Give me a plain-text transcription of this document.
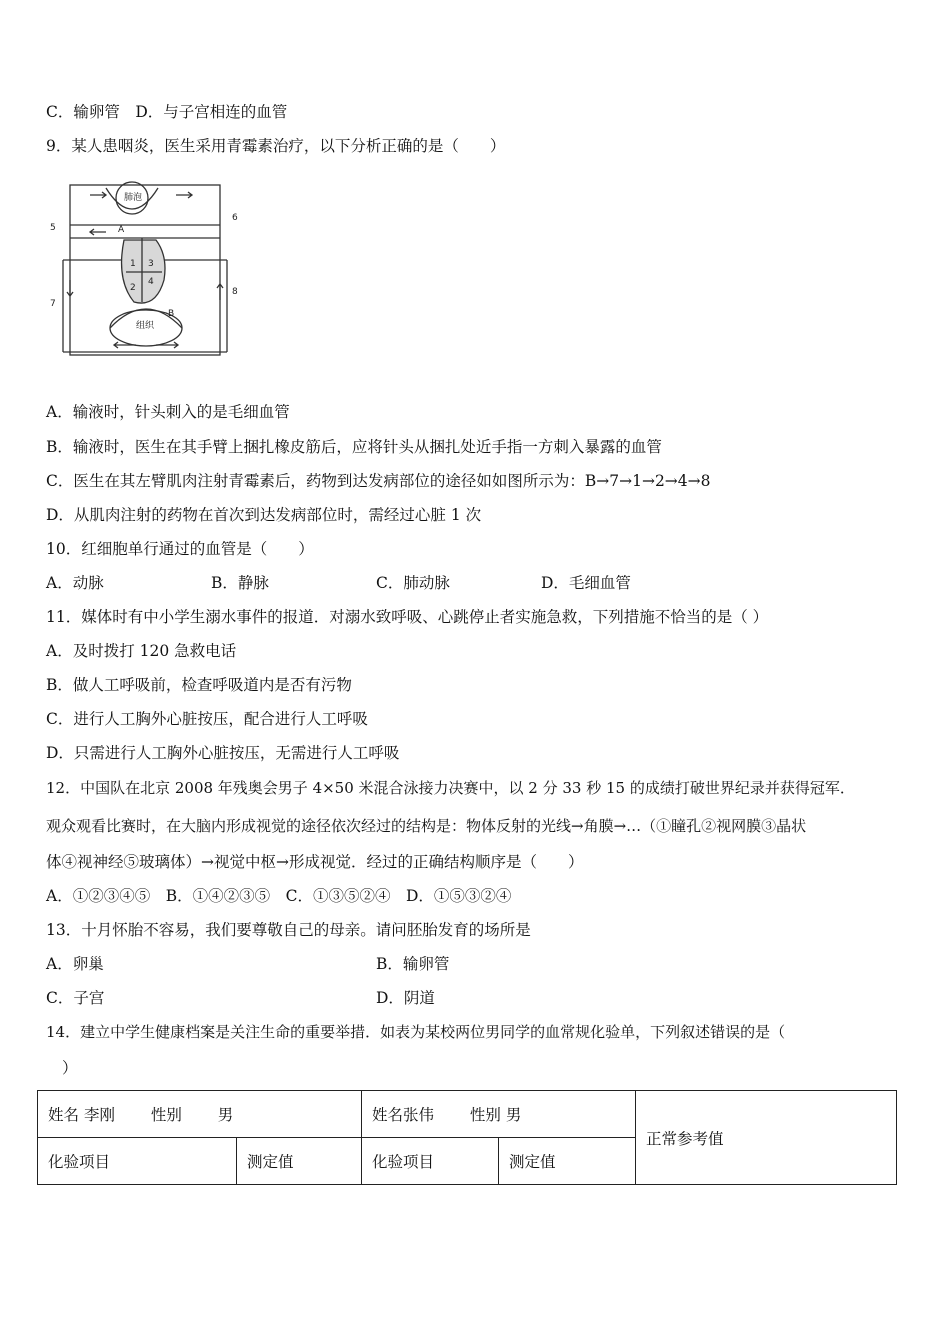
C．输卵管　D．与子宫相连的血管
9．某人患咽炎，医生采用青霉素治疗，以下分析正确的是（　　）
肺泡
5
6
7
8
A
B
1
2
3
4
组织
A．输液时，针头刺入的是毛细血管
B．输液时，医生在其手臂上捆扎橡皮筋后，应将针头从捆扎处近手指一方刺入暴露的血管
C．医生在其左臂肌肉注射青霉素后，药物到达发病部位的途径如如图所示为：B→7→1→2→4→8
D．从肌肉注射的药物在首次到达发病部位时，需经过心脏 1 次
10．红细胞单行通过的血管是（　　）
A．动脉	B．静脉	C．肺动脉	D．毛细血管
11．媒体时有中小学生溺水事件的报道．对溺水致呼吸、心跳停止者实施急救，下列措施不恰当的是（ ）
A．及时拨打 120 急救电话
B．做人工呼吸前，检查呼吸道内是否有污物
C．进行人工胸外心脏按压，配合进行人工呼吸
D．只需进行人工胸外心脏按压，无需进行人工呼吸
12．中国队在北京 2008 年残奥会男子 4×50 米混合泳接力决赛中，以 2 分 33 秒 15 的成绩打破世界纪录并获得冠军．
观众观看比赛时，在大脑内形成视觉的途径依次经过的结构是：物体反射的光线→角膜→…（①瞳孔②视网膜③晶状
体④视神经⑤玻璃体）→视觉中枢→形成视觉．经过的正确结构顺序是（　　）
A．①②③④⑤　B．①④②③⑤　C．①③⑤②④　D．①⑤③②④
13．十月怀胎不容易，我们要尊敬自己的母亲。请问胚胎发育的场所是
A．卵巢	B．输卵管
C．子宫	D．阴道
14．建立中学生健康档案是关注生命的重要举措．如表为某校两位男同学的血常规化验单，下列叙述错误的是（
）
姓名 李刚 性别 男		姓名张伟 性别 男		正常参考值
化验项目	测定值	化验项目	测定值	
